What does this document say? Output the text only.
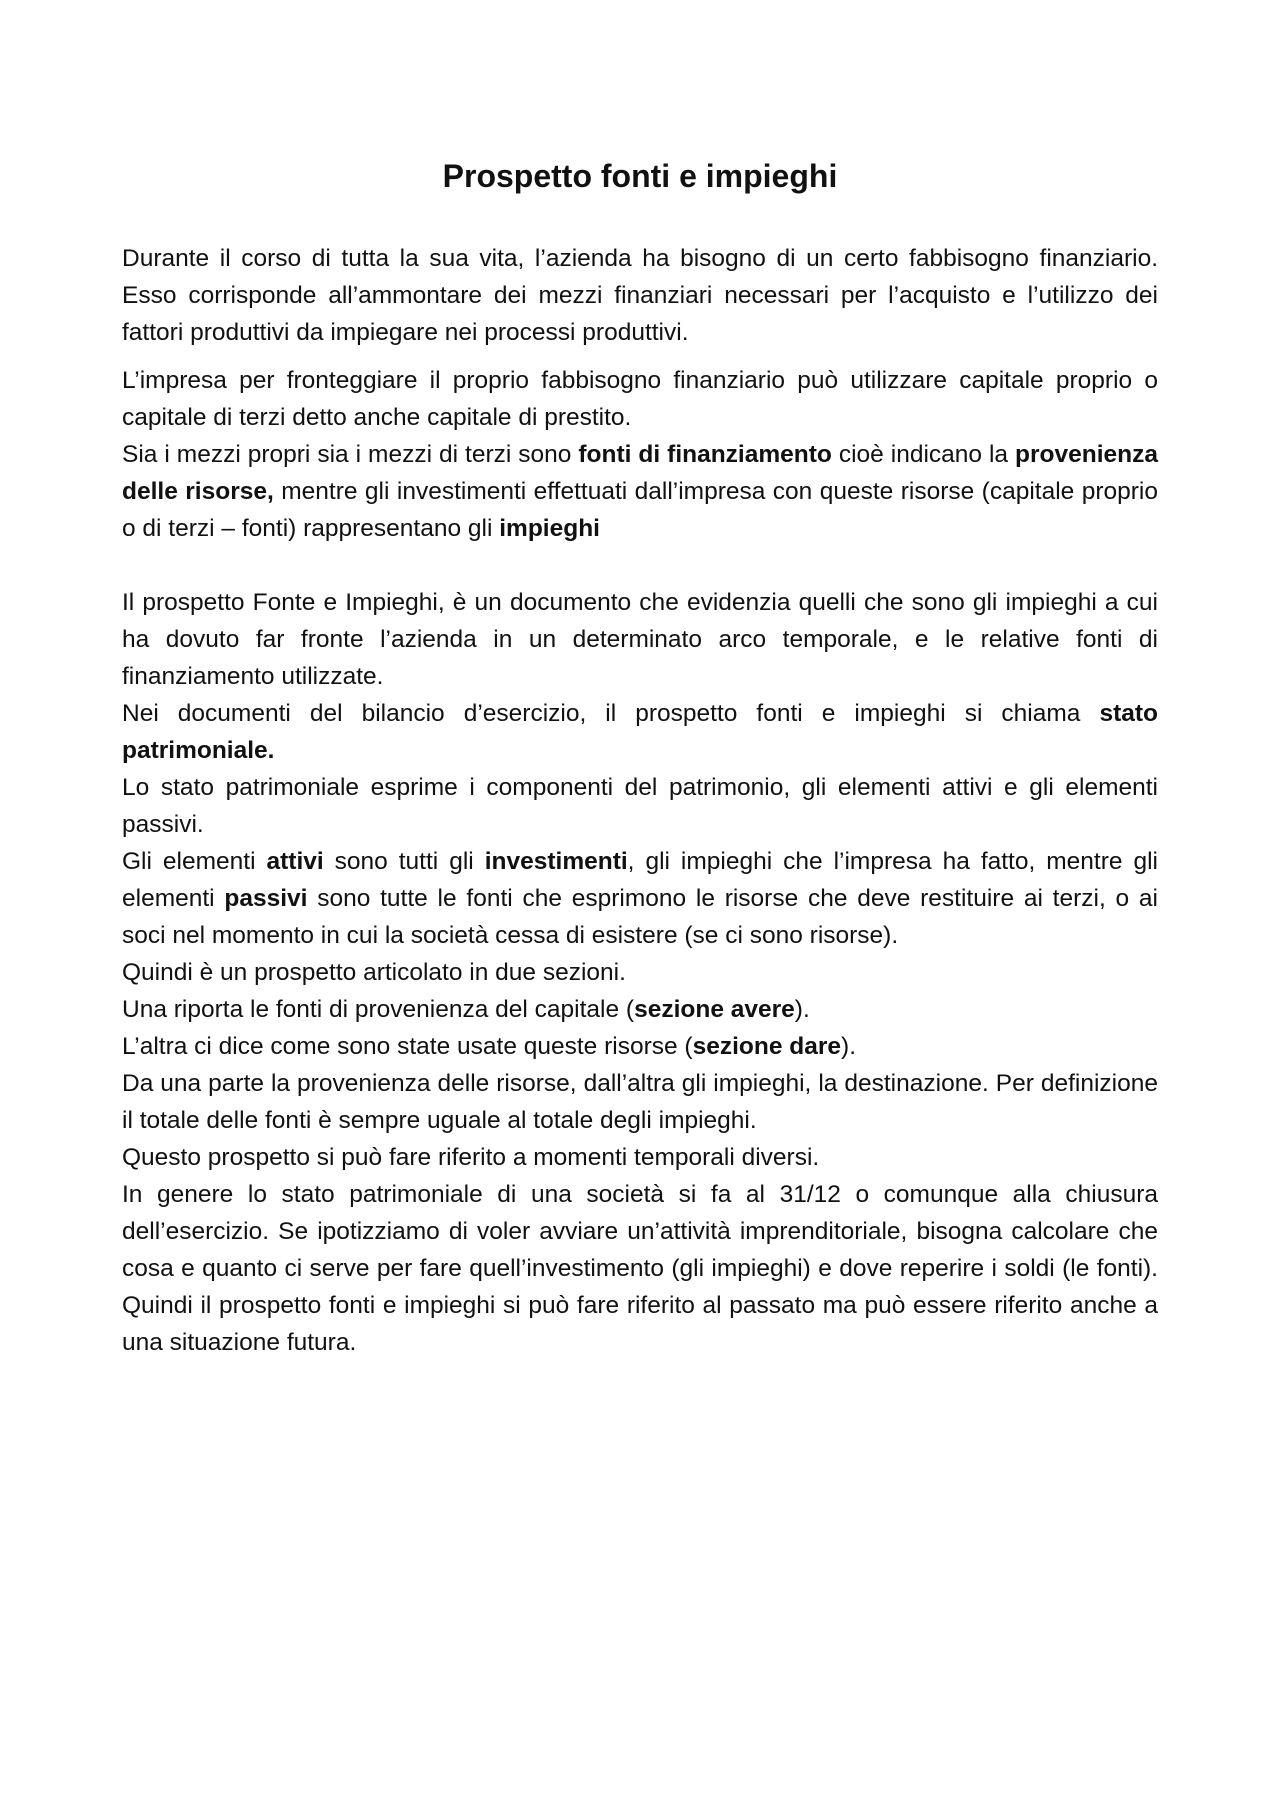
Prospetto fonti e impieghi

Durante il corso di tutta la sua vita, l’azienda ha bisogno di un certo fabbisogno finanziario. Esso corrisponde all’ammontare dei mezzi finanziari necessari per l’acquisto e l’utilizzo dei fattori produttivi da impiegare nei processi produttivi.

L’impresa per fronteggiare il proprio fabbisogno finanziario può utilizzare capitale proprio o capitale di terzi detto anche capitale di prestito.

Sia i mezzi propri sia i mezzi di terzi sono fonti di finanziamento cioè indicano la provenienza delle risorse, mentre gli investimenti effettuati dall’impresa con queste risorse (capitale proprio o di terzi – fonti) rappresentano gli impieghi

Il prospetto Fonte e Impieghi, è un documento che evidenzia quelli che sono gli impieghi a cui ha dovuto far fronte l’azienda in un determinato arco temporale, e le relative fonti di finanziamento utilizzate.

Nei documenti del bilancio d’esercizio, il prospetto fonti e impieghi si chiama stato patrimoniale.

Lo stato patrimoniale esprime i componenti del patrimonio, gli elementi attivi e gli elementi passivi.

Gli elementi attivi sono tutti gli investimenti, gli impieghi che l’impresa ha fatto, mentre gli elementi passivi sono tutte le fonti che esprimono le risorse che deve restituire ai terzi, o ai soci nel momento in cui la società cessa di esistere (se ci sono risorse).

Quindi è un prospetto articolato in due sezioni.

Una riporta le fonti di provenienza del capitale (sezione avere).

L’altra ci dice come sono state usate queste risorse (sezione dare).

Da una parte la provenienza delle risorse, dall’altra gli impieghi, la destinazione. Per definizione il totale delle fonti è sempre uguale al totale degli impieghi.

Questo prospetto si può fare riferito a momenti temporali diversi.

In genere lo stato patrimoniale di una società si fa al 31/12 o comunque alla chiusura dell’esercizio. Se ipotizziamo di voler avviare un’attività imprenditoriale, bisogna calcolare che cosa e quanto ci serve per fare quell’investimento (gli impieghi) e dove reperire i soldi (le fonti). Quindi il prospetto fonti e impieghi si può fare riferito al passato ma può essere riferito anche a una situazione futura.
